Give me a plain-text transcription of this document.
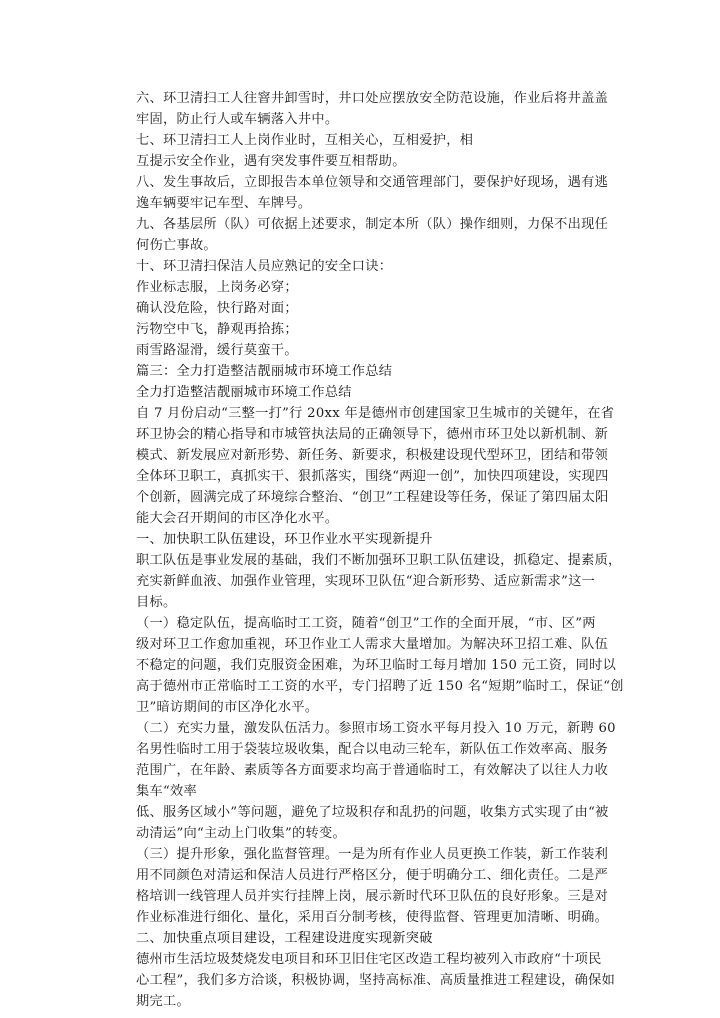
六、环卫清扫工人往窨井卸雪时，井口处应摆放安全防范设施，作业后将井盖盖
牢固，防止行人或车辆落入井中。
七、环卫清扫工人上岗作业时，互相关心，互相爱护，相
互提示安全作业，遇有突发事件要互相帮助。
八、发生事故后，立即报告本单位领导和交通管理部门，要保护好现场，遇有逃
逸车辆要牢记车型、车牌号。
九、各基层所（队）可依据上述要求，制定本所（队）操作细则，力保不出现任
何伤亡事故。
十、环卫清扫保洁人员应熟记的安全口诀：
作业标志服，上岗务必穿；
确认没危险，快行路对面；
污物空中飞，静观再拾拣；
雨雪路湿滑，缓行莫蛮干。
篇三：全力打造整洁靓丽城市环境工作总结
全力打造整洁靓丽城市环境工作总结
自 7 月份启动“三整一打”行 20xx 年是德州市创建国家卫生城市的关键年，在省
环卫协会的精心指导和市城管执法局的正确领导下，德州市环卫处以新机制、新
模式、新发展应对新形势、新任务、新要求，积极建设现代型环卫，团结和带领
全体环卫职工，真抓实干、狠抓落实，围绕“两迎一创”，加快四项建设，实现四
个创新，圆满完成了环境综合整治、“创卫”工程建设等任务，保证了第四届太阳
能大会召开期间的市区净化水平。
一、加快职工队伍建设，环卫作业水平实现新提升
职工队伍是事业发展的基础，我们不断加强环卫职工队伍建设，抓稳定、提素质，
充实新鲜血液、加强作业管理，实现环卫队伍“迎合新形势、适应新需求”这一
目标。
（一）稳定队伍，提高临时工工资，随着“创卫”工作的全面开展，“市、区”两
级对环卫工作愈加重视，环卫作业工人需求大量增加。为解决环卫招工难、队伍
不稳定的问题，我们克服资金困难，为环卫临时工每月增加 150 元工资，同时以
高于德州市正常临时工工资的水平，专门招聘了近 150 名“短期”临时工，保证“创
卫”暗访期间的市区净化水平。
（二）充实力量，激发队伍活力。参照市场工资水平每月投入 10 万元，新聘 60
名男性临时工用于袋装垃圾收集，配合以电动三轮车，新队伍工作效率高、服务
范围广，在年龄、素质等各方面要求均高于普通临时工，有效解决了以往人力收
集车“效率
低、服务区域小”等问题，避免了垃圾积存和乱扔的问题，收集方式实现了由“被
动清运”向“主动上门收集”的转变。
（三）提升形象，强化监督管理。一是为所有作业人员更换工作装，新工作装利
用不同颜色对清运和保洁人员进行严格区分，便于明确分工、细化责任。二是严
格培训一线管理人员并实行挂牌上岗，展示新时代环卫队伍的良好形象。三是对
作业标准进行细化、量化，采用百分制考核，使得监督、管理更加清晰、明确。
二、加快重点项目建设，工程建设进度实现新突破
德州市生活垃圾焚烧发电项目和环卫旧住宅区改造工程均被列入市政府“十项民
心工程”，我们多方洽谈，积极协调，坚持高标准、高质量推进工程建设，确保如
期完工。
